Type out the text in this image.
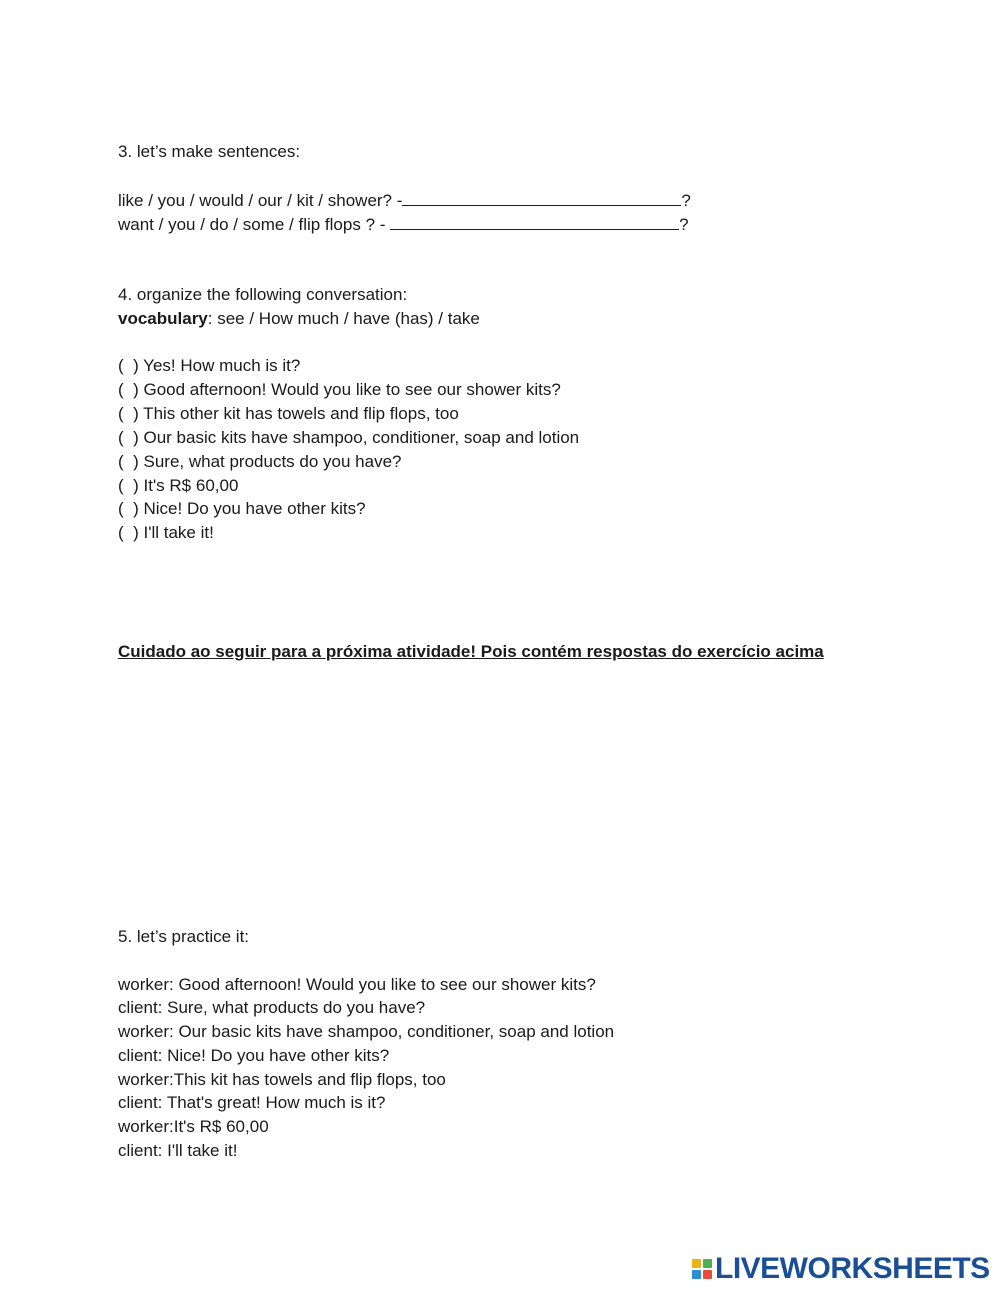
3. let’s make sentences:
like / you / would / our / kit / shower? -	?
want / you / do / some / flip flops ? -	?
4. organize the following conversation:
vocabulary: see / How much / have (has) / take
(  ) Yes! How much is it?
(  ) Good afternoon! Would you like to see our shower kits?
(  ) This other kit has towels and flip flops, too
(  ) Our basic kits have shampoo, conditioner, soap and lotion
(  ) Sure, what products do you have?
(  ) It's R$ 60,00
(  ) Nice! Do you have other kits?
(  ) I'll take it!
Cuidado ao seguir para a próxima atividade! Pois contém respostas do exercício acima
5. let’s practice it:
worker: Good afternoon! Would you like to see our shower kits?
client: Sure, what products do you have?
worker: Our basic kits have shampoo, conditioner, soap and lotion
client: Nice! Do you have other kits?
worker:This kit has towels and flip flops, too
client: That's great! How much is it?
worker:It's R$ 60,00
client: I'll take it!
LIVEWORKSHEETS
